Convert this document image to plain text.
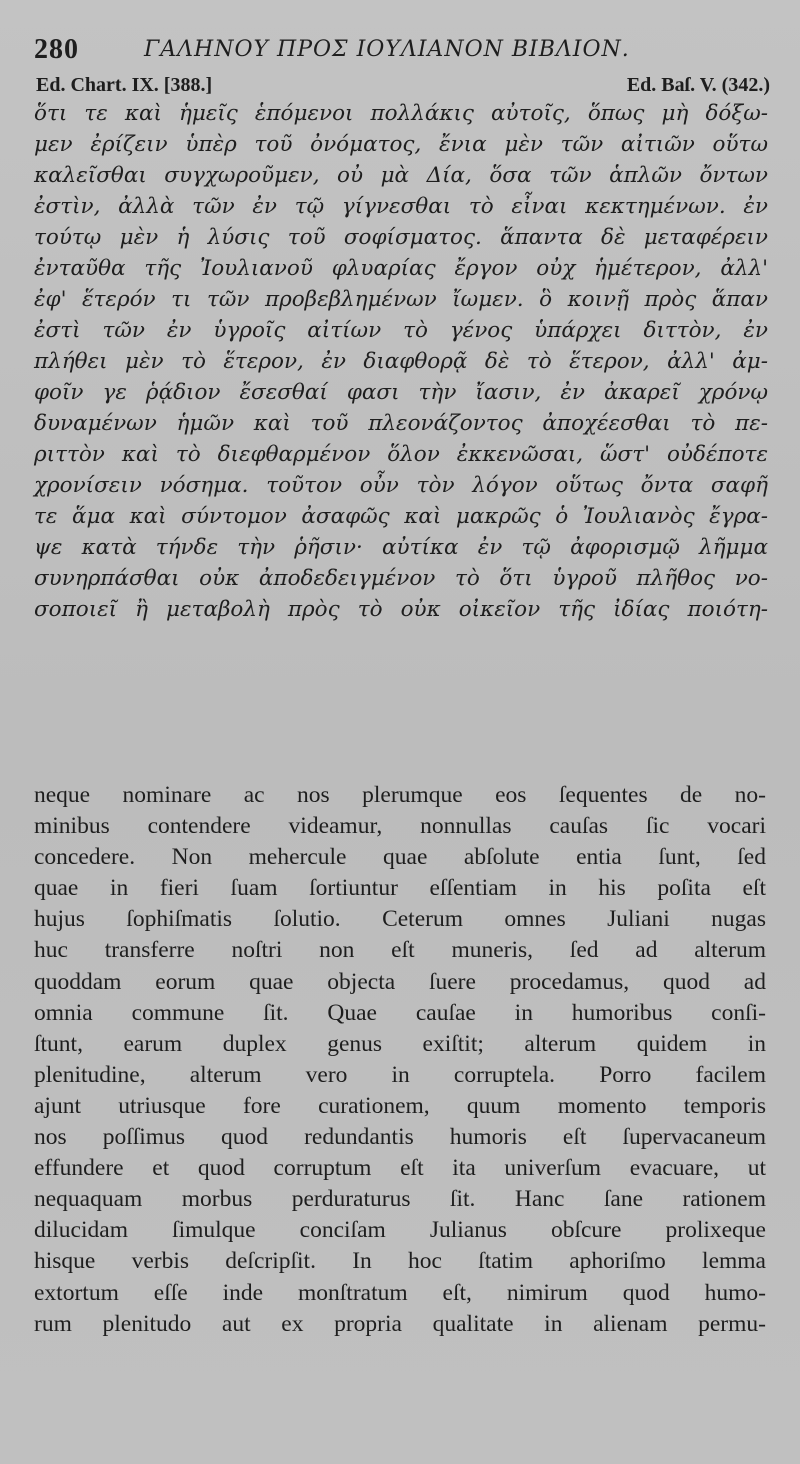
280	ΓΑΛΗΝΟΥ ΠΡΟΣ ΙΟΥΛΙΑΝΟΝ ΒΙΒΛΙΟΝ.
Ed. Chart. IX. [388.]	Ed. Baſ. V. (342.)
ὅτι τε καὶ ἡμεῖς ἑπόμενοι πολλάκις αὐτοῖς, ὅπως μὴ δόξω-
μεν ἐρίζειν ὑπὲρ τοῦ ὀνόματος, ἔνια μὲν τῶν αἰτιῶν οὕτω
καλεῖσθαι συγχωροῦμεν, οὐ μὰ Δία, ὅσα τῶν ἁπλῶν ὄντων
ἐστὶν, ἀλλὰ τῶν ἐν τῷ γίγνεσθαι τὸ εἶναι κεκτημένων. ἐν
τούτῳ μὲν ἡ λύσις τοῦ σοφίσματος. ἅπαντα δὲ μεταφέρειν
ἐνταῦθα τῆς Ἰουλιανοῦ φλυαρίας ἔργον οὐχ ἡμέτερον, ἀλλ'
ἐφ' ἕτερόν τι τῶν προβεβλημένων ἴωμεν. ὃ κοινῇ πρὸς ἅπαν
ἐστὶ τῶν ἐν ὑγροῖς αἰτίων τὸ γένος ὑπάρχει διττὸν, ἐν
πλήθει μὲν τὸ ἕτερον, ἐν διαφθορᾷ δὲ τὸ ἕτερον, ἀλλ' ἀμ-
φοῖν γε ῥᾴδιον ἔσεσθαί φασι τὴν ἴασιν, ἐν ἀκαρεῖ χρόνῳ
δυναμένων ἡμῶν καὶ τοῦ πλεονάζοντος ἀποχέεσθαι τὸ πε-
ριττὸν καὶ τὸ διεφθαρμένον ὅλον ἐκκενῶσαι, ὥστ' οὐδέποτε
χρονίσειν νόσημα. τοῦτον οὖν τὸν λόγον οὕτως ὄντα σαφῆ
τε ἅμα καὶ σύντομον ἀσαφῶς καὶ μακρῶς ὁ Ἰουλιανὸς ἔγρα-
ψε κατὰ τήνδε τὴν ῥῆσιν· αὐτίκα ἐν τῷ ἀφορισμῷ λῆμμα
συνηρπάσθαι οὐκ ἀποδεδειγμένον τὸ ὅτι ὑγροῦ πλῆθος νο-
σοποιεῖ ἢ μεταβολὴ πρὸς τὸ οὐκ οἰκεῖον τῆς ἰδίας ποιότη-
neque nominare ac nos plerumque eos ſequentes de no-
minibus contendere videamur, nonnullas cauſas ſic vocari
concedere. Non mehercule quae abſolute entia ſunt, ſed
quae in fieri ſuam ſortiuntur eſſentiam in his poſita eſt
hujus ſophiſmatis ſolutio. Ceterum omnes Juliani nugas
huc transferre noſtri non eſt muneris, ſed ad alterum
quoddam eorum quae objecta ſuere procedamus, quod ad
omnia commune ſit. Quae cauſae in humoribus conſi-
ſtunt, earum duplex genus exiſtit; alterum quidem in
plenitudine, alterum vero in corruptela. Porro facilem
ajunt utriusque fore curationem, quum momento temporis
nos poſſimus quod redundantis humoris eſt ſupervacaneum
effundere et quod corruptum eſt ita univerſum evacuare, ut
nequaquam morbus perduraturus ſit. Hanc ſane rationem
dilucidam ſimulque conciſam Julianus obſcure prolixeque
hisque verbis deſcripſit. In hoc ſtatim aphoriſmo lemma
extortum eſſe inde monſtratum eſt, nimirum quod humo-
rum plenitudo aut ex propria qualitate in alienam permu-
